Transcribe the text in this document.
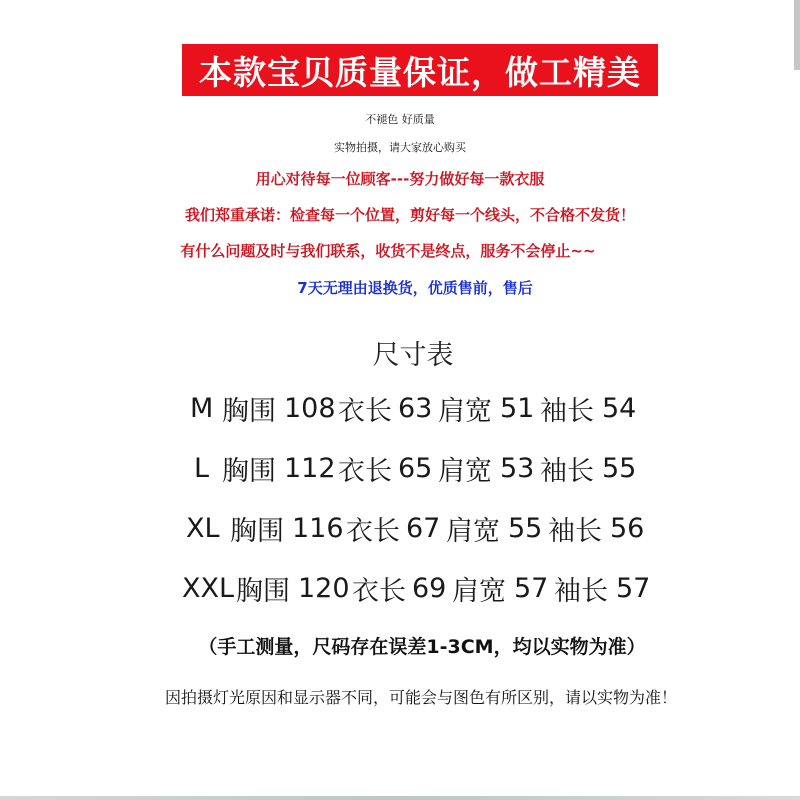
本款宝贝质量保证，做工精美
不褪色 好质量
实物拍摄，请大家放心购买
用心对待每一位顾客---努力做好每一款衣服
我们郑重承诺：检查每一个位置，剪好每一个线头，不合格不发货！
有什么问题及时与我们联系，收货不是终点，服务不会停止~~
7天无理由退换货，优质售前，售后
尺寸表
M 胸围 108 衣长 63 肩宽 51 袖长 54
L 胸围 112 衣长 65 肩宽 53 袖长 55
XL 胸围 116 衣长 67 肩宽 55 袖长 56
XXL 胸围 120 衣长 69 肩宽 57 袖长 57
（手工测量，尺码存在误差1-3CM，均以实物为准）
因拍摄灯光原因和显示器不同，可能会与图色有所区别，请以实物为准！
